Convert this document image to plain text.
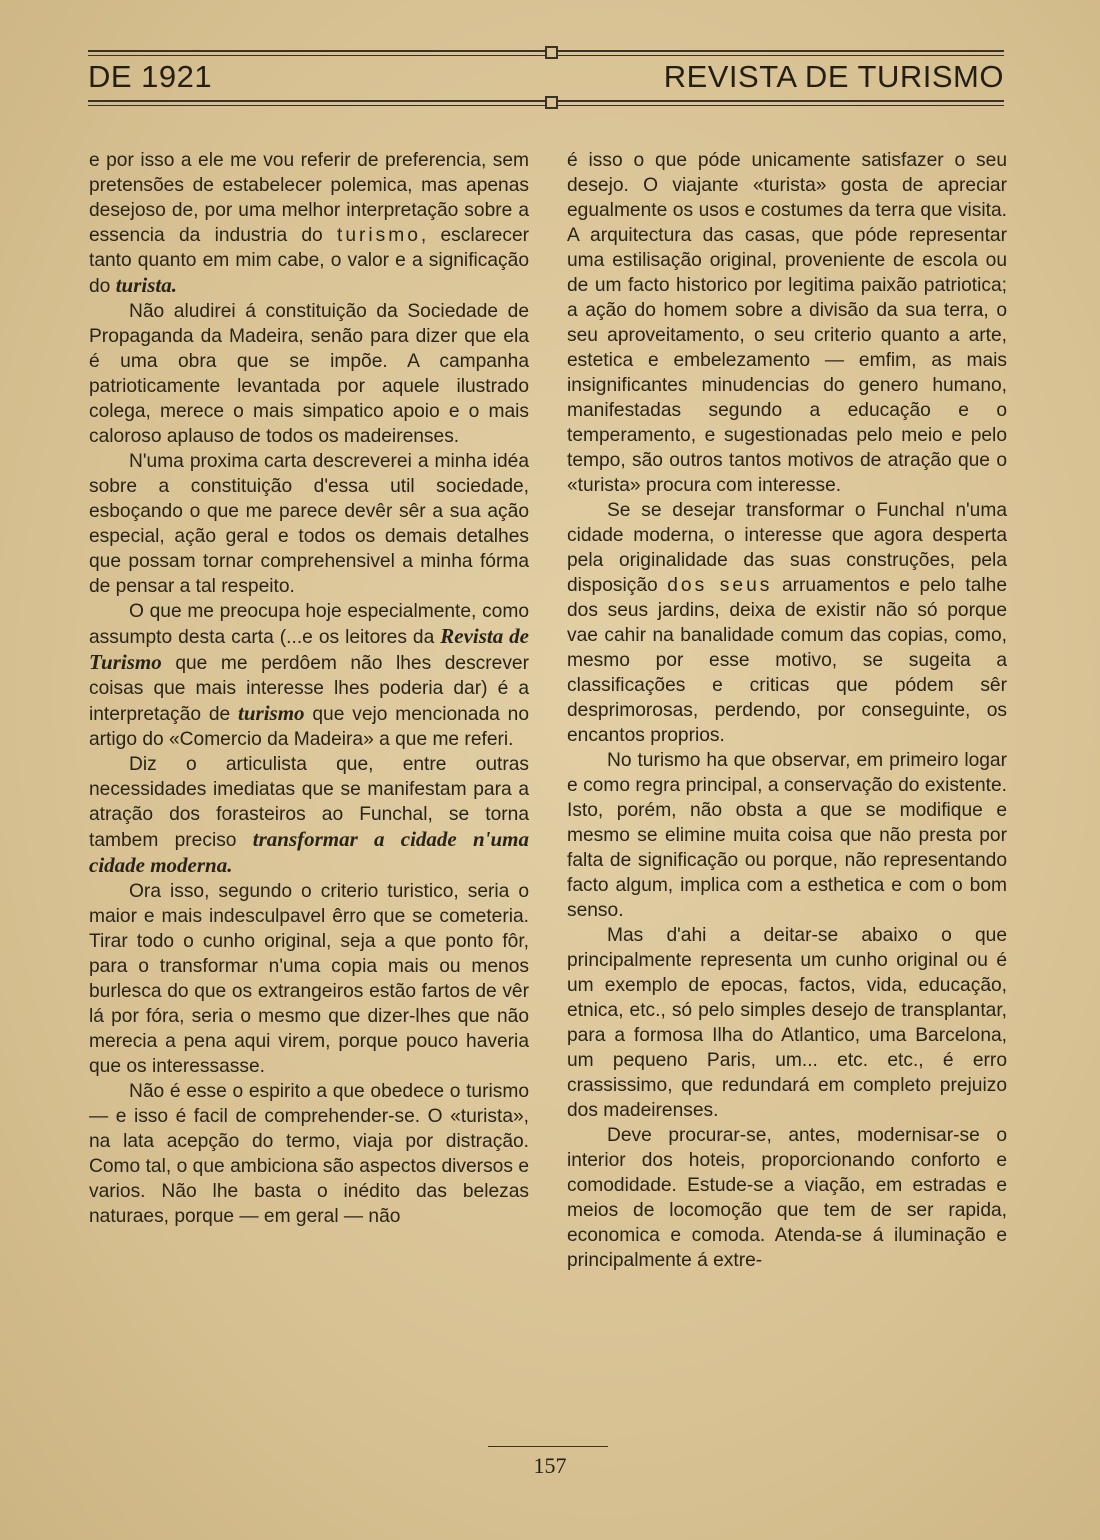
DE 1921	REVISTA DE TURISMO

e por isso a ele me vou referir de preferencia, sem pretensões de estabelecer polemica, mas apenas desejoso de, por uma melhor interpretação sobre a essencia da industria do turismo, esclarecer tanto quanto em mim cabe, o valor e a significação do turista.

Não aludirei á constituição da Sociedade de Propaganda da Madeira, senão para dizer que ela é uma obra que se impõe. A campanha patrioticamente levantada por aquele ilustrado colega, merece o mais simpatico apoio e o mais caloroso aplauso de todos os madeirenses.

N'uma proxima carta descreverei a minha idéa sobre a constituição d'essa util sociedade, esboçando o que me parece devêr sêr a sua ação especial, ação geral e todos os demais detalhes que possam tornar comprehensivel a minha fórma de pensar a tal respeito.

O que me preocupa hoje especialmente, como assumpto desta carta (...e os leitores da Revista de Turismo que me perdôem não lhes descrever coisas que mais interesse lhes poderia dar) é a interpretação de turismo que vejo mencionada no artigo do «Comercio da Madeira» a que me referi.

Diz o articulista que, entre outras necessidades imediatas que se manifestam para a atração dos forasteiros ao Funchal, se torna tambem preciso transformar a cidade n'uma cidade moderna.

Ora isso, segundo o criterio turistico, seria o maior e mais indesculpavel êrro que se cometeria. Tirar todo o cunho original, seja a que ponto fôr, para o transformar n'uma copia mais ou menos burlesca do que os extrangeiros estão fartos de vêr lá por fóra, seria o mesmo que dizer-lhes que não merecia a pena aqui virem, porque pouco haveria que os interessasse.

Não é esse o espirito a que obedece o turismo — e isso é facil de comprehender-se. O «turista», na lata acepção do termo, viaja por distração. Como tal, o que ambiciona são aspectos diversos e varios. Não lhe basta o inédito das belezas naturaes, porque — em geral — não

é isso o que póde unicamente satisfazer o seu desejo. O viajante «turista» gosta de apreciar egualmente os usos e costumes da terra que visita. A arquitectura das casas, que póde representar uma estilisação original, proveniente de escola ou de um facto historico por legitima paixão patriotica; a ação do homem sobre a divisão da sua terra, o seu aproveitamento, o seu criterio quanto a arte, estetica e embelezamento — emfim, as mais insignificantes minudencias do genero humano, manifestadas segundo a educação e o temperamento, e sugestionadas pelo meio e pelo tempo, são outros tantos motivos de atração que o «turista» procura com interesse.

Se se desejar transformar o Funchal n'uma cidade moderna, o interesse que agora desperta pela originalidade das suas construções, pela disposição dos seus arruamentos e pelo talhe dos seus jardins, deixa de existir não só porque vae cahir na banalidade comum das copias, como, mesmo por esse motivo, se sugeita a classificações e criticas que pódem sêr desprimorosas, perdendo, por conseguinte, os encantos proprios.

No turismo ha que observar, em primeiro logar e como regra principal, a conservação do existente. Isto, porém, não obsta a que se modifique e mesmo se elimine muita coisa que não presta por falta de significação ou porque, não representando facto algum, implica com a esthetica e com o bom senso.

Mas d'ahi a deitar-se abaixo o que principalmente representa um cunho original ou é um exemplo de epocas, factos, vida, educação, etnica, etc., só pelo simples desejo de transplantar, para a formosa Ilha do Atlantico, uma Barcelona, um pequeno Paris, um... etc. etc., é erro crassissimo, que redundará em completo prejuizo dos madeirenses.

Deve procurar-se, antes, modernisar-se o interior dos hoteis, proporcionando conforto e comodidade. Estude-se a viação, em estradas e meios de locomoção que tem de ser rapida, economica e comoda. Atenda-se á iluminação e principalmente á extre-

157
